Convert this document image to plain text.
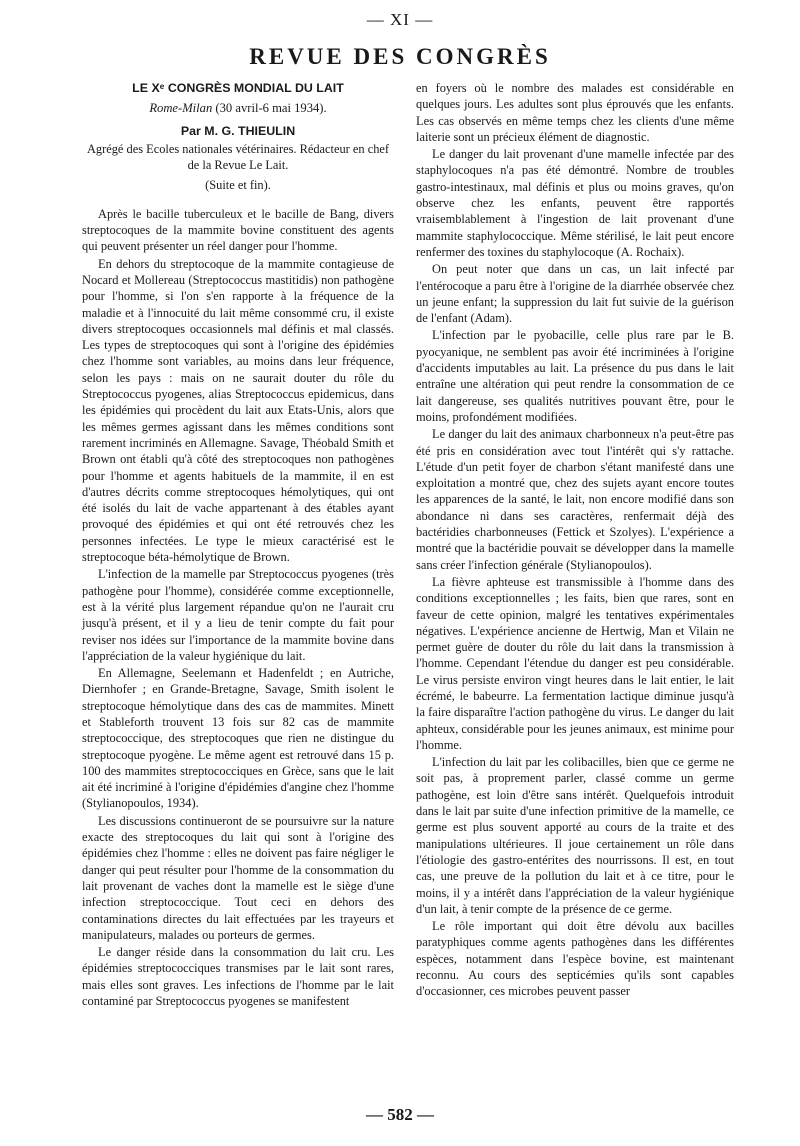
— XI —
REVUE DES CONGRÈS
LE Xᵉ CONGRÈS MONDIAL DU LAIT
Rome-Milan (30 avril-6 mai 1934).
Par M. G. THIEULIN
Agrégé des Ecoles nationales vétérinaires. Rédacteur en chef de la Revue Le Lait.
(Suite et fin).

Après le bacille tuberculeux et le bacille de Bang, divers streptocoques de la mammite bovine constituent des agents qui peuvent présenter un réel danger pour l'homme.

En dehors du streptocoque de la mammite contagieuse de Nocard et Mollereau (Streptococcus mastitidis) non pathogène pour l'homme, si l'on s'en rapporte à la fréquence de la maladie et à l'innocuité du lait même consommé cru, il existe divers streptocoques occasionnels mal définis et mal classés. Les types de streptocoques qui sont à l'origine des épidémies chez l'homme sont variables, au moins dans leur fréquence, selon les pays : mais on ne saurait douter du rôle du Streptococcus pyogenes, alias Streptococcus epidemicus, dans les épidémies qui procèdent du lait aux Etats-Unis, alors que les mêmes germes agissant dans les mêmes conditions sont rarement incriminés en Allemagne. Savage, Théobald Smith et Brown ont établi qu'à côté des streptocoques non pathogènes pour l'homme et agents habituels de la mammite, il en est d'autres décrits comme streptocoques hémolytiques, qui ont été isolés du lait de vache appartenant à des étables ayant provoqué des épidémies et qui ont été retrouvés chez les personnes infectées. Le type le mieux caractérisé est le streptocoque béta-hémolytique de Brown.

L'infection de la mamelle par Streptococcus pyogenes (très pathogène pour l'homme), considérée comme exceptionnelle, est à la vérité plus largement répandue qu'on ne l'aurait cru jusqu'à présent, et il y a lieu de tenir compte du fait pour reviser nos idées sur l'importance de la mammite bovine dans l'appréciation de la valeur hygiénique du lait.

En Allemagne, Seelemann et Hadenfeldt ; en Autriche, Diernhofer ; en Grande-Bretagne, Savage, Smith isolent le streptocoque hémolytique dans des cas de mammites. Minett et Stableforth trouvent 13 fois sur 82 cas de mammite streptococcique, des streptocoques que rien ne distingue du streptocoque pyogène. Le même agent est retrouvé dans 15 p. 100 des mammites streptococciques en Grèce, sans que le lait ait été incriminé à l'origine d'épidémies d'angine chez l'homme (Stylianopoulos, 1934).

Les discussions continueront de se poursuivre sur la nature exacte des streptocoques du lait qui sont à l'origine des épidémies chez l'homme : elles ne doivent pas faire négliger le danger qui peut résulter pour l'homme de la consommation du lait provenant de vaches dont la mamelle est le siège d'une infection streptococcique. Tout ceci en dehors des contaminations directes du lait effectuées par les trayeurs et manipulateurs, malades ou porteurs de germes.

Le danger réside dans la consommation du lait cru. Les épidémies streptococciques transmises par le lait sont rares, mais elles sont graves. Les infections de l'homme par le lait contaminé par Streptococcus pyogenes se manifestent

en foyers où le nombre des malades est considérable en quelques jours. Les adultes sont plus éprouvés que les enfants. Les cas observés en même temps chez les clients d'une même laiterie sont un précieux élément de diagnostic.

Le danger du lait provenant d'une mamelle infectée par des staphylocoques n'a pas été démontré. Nombre de troubles gastro-intestinaux, mal définis et plus ou moins graves, qu'on observe chez les enfants, peuvent être rapportés vraisemblablement à l'ingestion de lait provenant d'une mammite staphylococcique. Même stérilisé, le lait peut encore renfermer des toxines du staphylocoque (A. Rochaix).

On peut noter que dans un cas, un lait infecté par l'entérocoque a paru être à l'origine de la diarrhée observée chez un jeune enfant; la suppression du lait fut suivie de la guérison de l'enfant (Adam).

L'infection par le pyobacille, celle plus rare par le B. pyocyanique, ne semblent pas avoir été incriminées à l'origine d'accidents imputables au lait. La présence du pus dans le lait entraîne une altération qui peut rendre la consommation de ce lait dangereuse, ses qualités nutritives pouvant être, pour le moins, profondément modifiées.

Le danger du lait des animaux charbonneux n'a peut-être pas été pris en considération avec tout l'intérêt qui s'y rattache. L'étude d'un petit foyer de charbon s'étant manifesté dans une exploitation a montré que, chez des sujets ayant encore toutes les apparences de la santé, le lait, non encore modifié dans son abondance ni dans ses caractères, renfermait déjà des bactéridies charbonneuses (Fettick et Szolyes). L'expérience a montré que la bactéridie pouvait se développer dans la mamelle sans créer l'infection générale (Stylianopoulos).

La fièvre aphteuse est transmissible à l'homme dans des conditions exceptionnelles ; les faits, bien que rares, sont en faveur de cette opinion, malgré les tentatives expérimentales négatives. L'expérience ancienne de Hertwig, Man et Vilain ne permet guère de douter du rôle du lait dans la transmission à l'homme. Cependant l'étendue du danger est peu considérable. Le virus persiste environ vingt heures dans le lait entier, le lait écrémé, le babeurre. La fermentation lactique diminue jusqu'à la faire disparaître l'action pathogène du virus. Le danger du lait aphteux, considérable pour les jeunes animaux, est minime pour l'homme.

L'infection du lait par les colibacilles, bien que ce germe ne soit pas, à proprement parler, classé comme un germe pathogène, est loin d'être sans intérêt. Quelquefois introduit dans le lait par suite d'une infection primitive de la mamelle, ce germe est plus souvent apporté au cours de la traite et des manipulations ultérieures. Il joue certainement un rôle dans l'étiologie des gastro-entérites des nourrissons. Il est, en tout cas, une preuve de la pollution du lait et à ce titre, pour le moins, il y a intérêt dans l'appréciation de la valeur hygiénique d'un lait, à tenir compte de la présence de ce germe.

Le rôle important qui doit être dévolu aux bacilles paratyphiques comme agents pathogènes dans les différentes espèces, notamment dans l'espèce bovine, est maintenant reconnu. Au cours des septicémies qu'ils sont capables d'occasionner, ces microbes peuvent passer

— 582 —
